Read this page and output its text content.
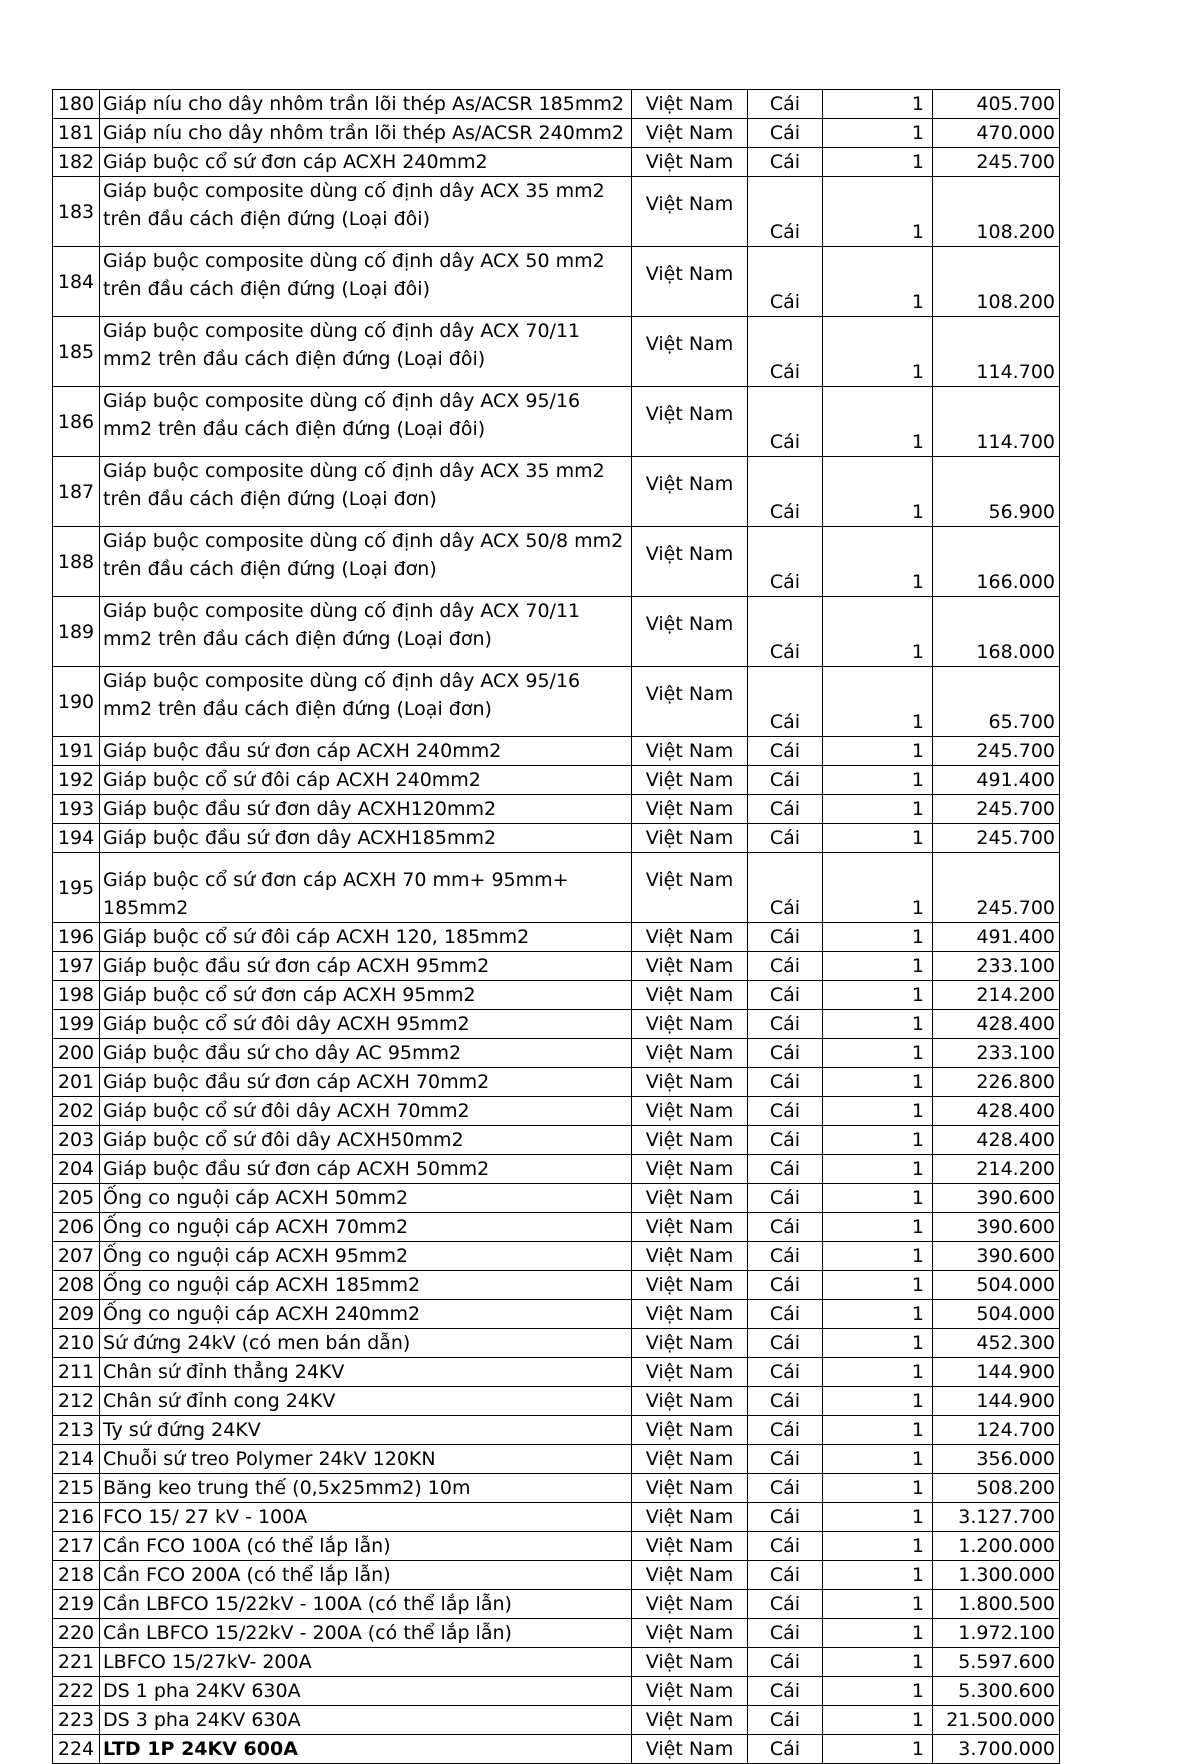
180	Giáp níu cho dây nhôm trần lõi thép As/ACSR 185mm2	Việt Nam	Cái	1	405.700
181	Giáp níu cho dây nhôm trần lõi thép As/ACSR 240mm2	Việt Nam	Cái	1	470.000
182	Giáp buộc cổ sứ đơn cáp ACXH 240mm2	Việt Nam	Cái	1	245.700
183	Giáp buộc composite dùng cố định dây ACX 35 mm2 trên đầu cách điện đứng (Loại đôi)	Việt Nam	Cái	1	108.200
184	Giáp buộc composite dùng cố định dây ACX 50 mm2 trên đầu cách điện đứng (Loại đôi)	Việt Nam	Cái	1	108.200
185	Giáp buộc composite dùng cố định dây ACX 70/11 mm2 trên đầu cách điện đứng (Loại đôi)	Việt Nam	Cái	1	114.700
186	Giáp buộc composite dùng cố định dây ACX 95/16 mm2 trên đầu cách điện đứng (Loại đôi)	Việt Nam	Cái	1	114.700
187	Giáp buộc composite dùng cố định dây ACX 35 mm2 trên đầu cách điện đứng (Loại đơn)	Việt Nam	Cái	1	56.900
188	Giáp buộc composite dùng cố định dây ACX 50/8 mm2 trên đầu cách điện đứng (Loại đơn)	Việt Nam	Cái	1	166.000
189	Giáp buộc composite dùng cố định dây ACX 70/11 mm2 trên đầu cách điện đứng (Loại đơn)	Việt Nam	Cái	1	168.000
190	Giáp buộc composite dùng cố định dây ACX 95/16 mm2 trên đầu cách điện đứng (Loại đơn)	Việt Nam	Cái	1	65.700
191	Giáp buộc đầu sứ đơn cáp ACXH 240mm2	Việt Nam	Cái	1	245.700
192	Giáp buộc cổ sứ đôi cáp ACXH 240mm2	Việt Nam	Cái	1	491.400
193	Giáp buộc đầu sứ đơn dây ACXH120mm2	Việt Nam	Cái	1	245.700
194	Giáp buộc đầu sứ đơn dây ACXH185mm2	Việt Nam	Cái	1	245.700
195	Giáp buộc cổ sứ đơn cáp ACXH 70 mm+ 95mm+ 185mm2	Việt Nam	Cái	1	245.700
196	Giáp buộc cổ sứ đôi cáp ACXH 120, 185mm2	Việt Nam	Cái	1	491.400
197	Giáp buộc đầu sứ đơn cáp ACXH 95mm2	Việt Nam	Cái	1	233.100
198	Giáp buộc cổ sứ đơn cáp ACXH 95mm2	Việt Nam	Cái	1	214.200
199	Giáp buộc cổ sứ đôi dây ACXH 95mm2	Việt Nam	Cái	1	428.400
200	Giáp buộc đầu sứ cho dây AC 95mm2	Việt Nam	Cái	1	233.100
201	Giáp buộc đầu sứ đơn cáp ACXH 70mm2	Việt Nam	Cái	1	226.800
202	Giáp buộc cổ sứ đôi dây ACXH 70mm2	Việt Nam	Cái	1	428.400
203	Giáp buộc cổ sứ đôi dây ACXH50mm2	Việt Nam	Cái	1	428.400
204	Giáp buộc đầu sứ đơn cáp ACXH 50mm2	Việt Nam	Cái	1	214.200
205	Ống co nguội cáp ACXH 50mm2	Việt Nam	Cái	1	390.600
206	Ống co nguội cáp ACXH 70mm2	Việt Nam	Cái	1	390.600
207	Ống co nguội cáp ACXH 95mm2	Việt Nam	Cái	1	390.600
208	Ống co nguội cáp ACXH 185mm2	Việt Nam	Cái	1	504.000
209	Ống co nguội cáp ACXH 240mm2	Việt Nam	Cái	1	504.000
210	Sứ đứng 24kV (có men bán dẫn)	Việt Nam	Cái	1	452.300
211	Chân sứ đỉnh thẳng 24KV	Việt Nam	Cái	1	144.900
212	Chân sứ đỉnh cong 24KV	Việt Nam	Cái	1	144.900
213	Ty sứ đứng 24KV	Việt Nam	Cái	1	124.700
214	Chuỗi sứ treo Polymer 24kV 120KN	Việt Nam	Cái	1	356.000
215	Băng keo trung thế (0,5x25mm2) 10m	Việt Nam	Cái	1	508.200
216	FCO 15/ 27 kV - 100A	Việt Nam	Cái	1	3.127.700
217	Cần FCO 100A (có thể lắp lẫn)	Việt Nam	Cái	1	1.200.000
218	Cần FCO 200A (có thể lắp lẫn)	Việt Nam	Cái	1	1.300.000
219	Cần LBFCO 15/22kV - 100A (có thể lắp lẫn)	Việt Nam	Cái	1	1.800.500
220	Cần LBFCO 15/22kV - 200A (có thể lắp lẫn)	Việt Nam	Cái	1	1.972.100
221	LBFCO 15/27kV- 200A	Việt Nam	Cái	1	5.597.600
222	DS 1 pha 24KV 630A	Việt Nam	Cái	1	5.300.600
223	DS 3 pha 24KV 630A	Việt Nam	Cái	1	21.500.000
224	LTD 1P 24KV 600A	Việt Nam	Cái	1	3.700.000
